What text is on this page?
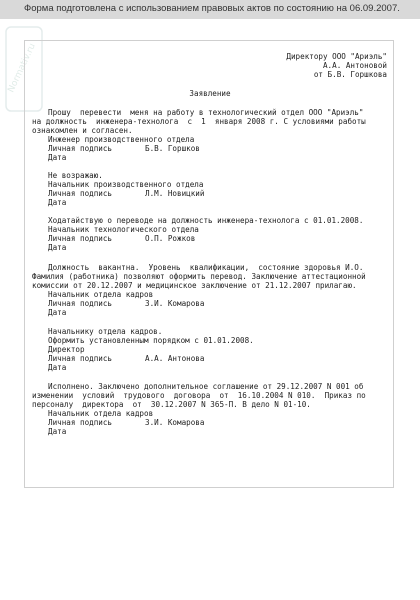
Форма подготовлена с использованием правовых актов по состоянию на 06.09.2007.
Normativ.ru	Директору ООО "Ариэль"
А.А. Антоновой
от Б.В. Горшкова
Заявление
Прошу  перевести  меня на работу в технологический отдел ООО "Ариэль"
на должность  инженера-технолога  с  1  января 2008 г. С условиями работы
ознакомлен и согласен.
Инженер производственного отдела
Личная подпись	Б.В. Горшков
Дата
Не возражаю.
Начальник производственного отдела
Личная подпись	Л.М. Новицкий
Дата
Ходатайствую о переводе на должность инженера-технолога с 01.01.2008.
Начальник технологического отдела
Личная подпись	О.П. Рожков
Дата
Должность  вакантна.  Уровень  квалификации,  состояние здоровья И.О.
Фамилия (работника) позволяют оформить перевод. Заключение аттестационной
комиссии от 20.12.2007 и медицинское заключение от 21.12.2007 прилагаю.
Начальник отдела кадров
Личная подпись	З.И. Комарова
Дата
Начальнику отдела кадров.
Оформить установленным порядком с 01.01.2008.
Директор
Личная подпись	А.А. Антонова
Дата
Исполнено. Заключено дополнительное соглашение от 29.12.2007 N 001 об
изменении  условий  трудового  договора  от  16.10.2004 N 010.  Приказ по
персоналу  директора  от  30.12.2007 N 365-П. В дело N 01-10.
Начальник отдела кадров
Личная подпись	З.И. Комарова
Дата
